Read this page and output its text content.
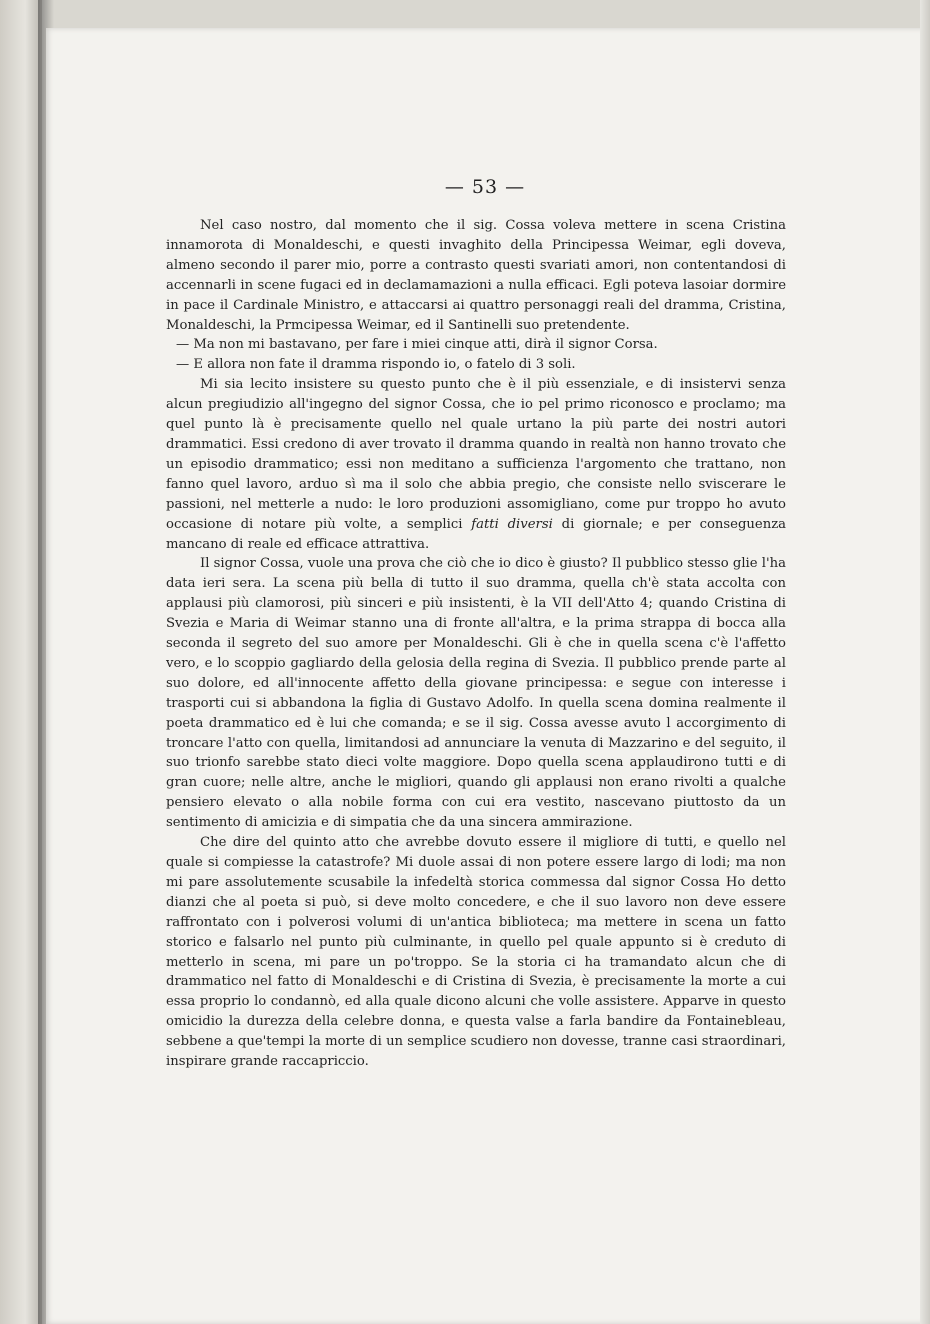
— 53 —

Nel caso nostro, dal momento che il sig. Cossa voleva mettere in scena Cristina innamorota di Monaldeschi, e questi invaghito della Principessa Weimar, egli doveva, almeno secondo il parer mio, porre a contrasto questi svariati amori, non contentandosi di accennarli in scene fugaci ed in declamamazioni a nulla efficaci. Egli poteva lasoiar dormire in pace il Cardinale Ministro, e attaccarsi ai quattro personaggi reali del dramma, Cristina, Monaldeschi, la Prmcipessa Weimar, ed il Santinelli suo pretendente.

— Ma non mi bastavano, per fare i miei cinque atti, dirà il signor Corsa.

— E allora non fate il dramma rispondo io, o fatelo di 3 soli.

Mi sia lecito insistere su questo punto che è il più essenziale, e di insistervi senza alcun pregiudizio all'ingegno del signor Cossa, che io pel primo riconosco e proclamo; ma quel punto là è precisamente quello nel quale urtano la più parte dei nostri autori drammatici. Essi credono di aver trovato il dramma quando in realtà non hanno trovato che un episodio drammatico; essi non meditano a sufficienza l'argomento che trattano, non fanno quel lavoro, arduo sì ma il solo che abbia pregio, che consiste nello sviscerare le passioni, nel metterle a nudo: le loro produzioni assomigliano, come pur troppo ho avuto occasione di notare più volte, a semplici fatti diversi di giornale; e per conseguenza mancano di reale ed efficace attrattiva.

Il signor Cossa, vuole una prova che ciò che io dico è giusto? Il pubblico stesso glie l'ha data ieri sera. La scena più bella di tutto il suo dramma, quella ch'è stata accolta con applausi più clamorosi, più sinceri e più insistenti, è la VII dell'Atto 4; quando Cristina di Svezia e Maria di Weimar stanno una di fronte all'altra, e la prima strappa di bocca alla seconda il segreto del suo amore per Monaldeschi. Gli è che in quella scena c'è l'affetto vero, e lo scoppio gagliardo della gelosia della regina di Svezia. Il pubblico prende parte al suo dolore, ed all'innocente affetto della giovane principessa: e segue con interesse i trasporti cui si abbandona la figlia di Gustavo Adolfo. In quella scena domina realmente il poeta drammatico ed è lui che comanda; e se il sig. Cossa avesse avuto l accorgimento di troncare l'atto con quella, limitandosi ad annunciare la venuta di Mazzarino e del seguito, il suo trionfo sarebbe stato dieci volte maggiore. Dopo quella scena applaudirono tutti e di gran cuore; nelle altre, anche le migliori, quando gli applausi non erano rivolti a qualche pensiero elevato o alla nobile forma con cui era vestito, nascevano piuttosto da un sentimento di amicizia e di simpatia che da una sincera ammirazione.

Che dire del quinto atto che avrebbe dovuto essere il migliore di tutti, e quello nel quale si compiesse la catastrofe? Mi duole assai di non potere essere largo di lodi; ma non mi pare assolutemente scusabile la infedeltà storica commessa dal signor Cossa Ho detto dianzi che al poeta si può, si deve molto concedere, e che il suo lavoro non deve essere raffrontato con i polverosi volumi di un'antica biblioteca; ma mettere in scena un fatto storico e falsarlo nel punto più culminante, in quello pel quale appunto si è creduto di metterlo in scena, mi pare un po'troppo. Se la storia ci ha tramandato alcun che di drammatico nel fatto di Monaldeschi e di Cristina di Svezia, è precisamente la morte a cui essa proprio lo condannò, ed alla quale dicono alcuni che volle assistere. Apparve in questo omicidio la durezza della celebre donna, e questa valse a farla bandire da Fontainebleau, sebbene a que'tempi la morte di un semplice scudiero non dovesse, tranne casi straordinari, inspirare grande raccapriccio.
